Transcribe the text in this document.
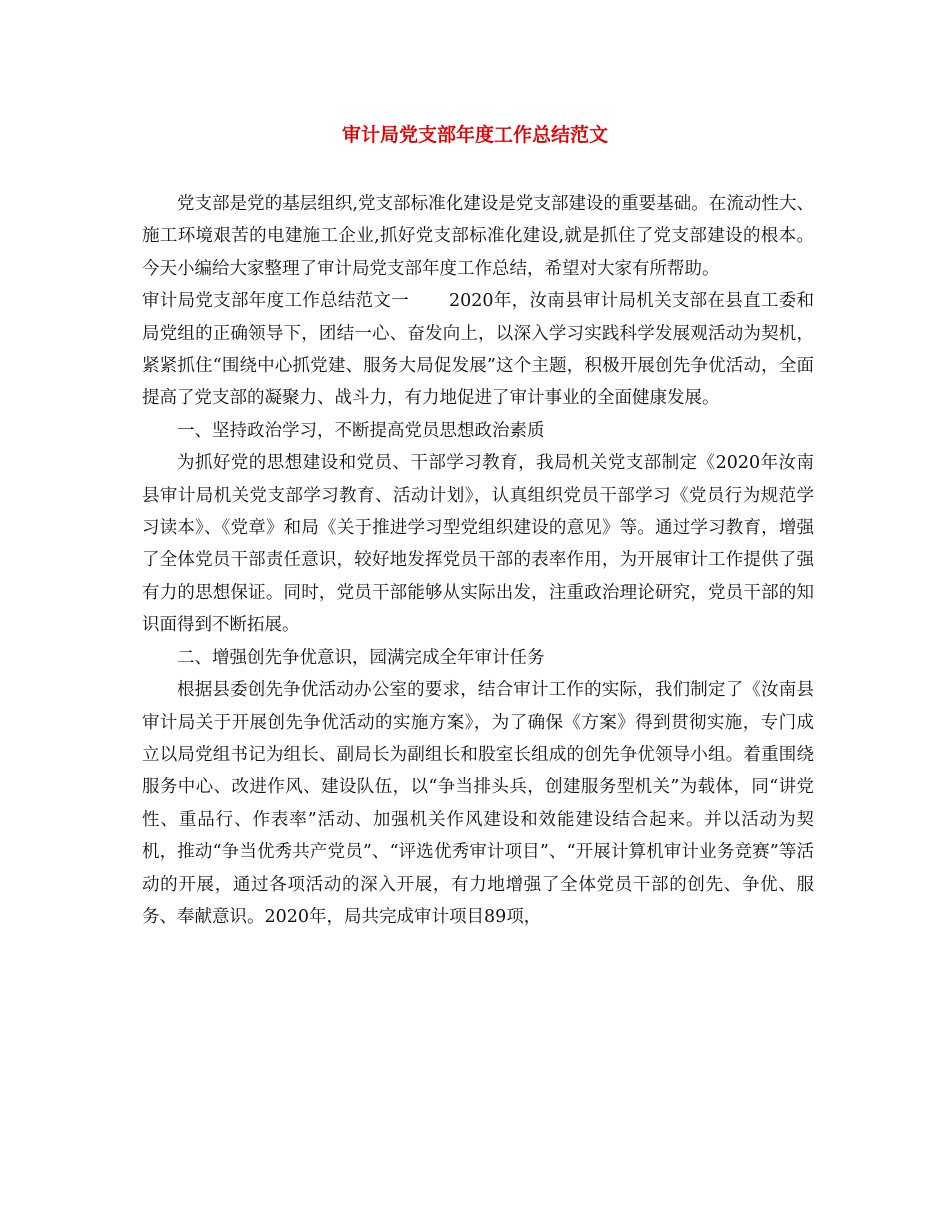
审计局党支部年度工作总结范文

党支部是党的基层组织,党支部标准化建设是党支部建设的重要基础。在流动性大、施工环境艰苦的电建施工企业,抓好党支部标准化建设,就是抓住了党支部建设的根本。今天小编给大家整理了审计局党支部年度工作总结，希望对大家有所帮助。

审计局党支部年度工作总结范文一 2020年，汝南县审计局机关支部在县直工委和局党组的正确领导下，团结一心、奋发向上，以深入学习实践科学发展观活动为契机，紧紧抓住“围绕中心抓党建、服务大局促发展”这个主题，积极开展创先争优活动，全面提高了党支部的凝聚力、战斗力，有力地促进了审计事业的全面健康发展。

一、坚持政治学习，不断提高党员思想政治素质

为抓好党的思想建设和党员、干部学习教育，我局机关党支部制定《2020年汝南县审计局机关党支部学习教育、活动计划》，认真组织党员干部学习《党员行为规范学习读本》、《党章》和局《关于推进学习型党组织建设的意见》等。通过学习教育，增强了全体党员干部责任意识，较好地发挥党员干部的表率作用，为开展审计工作提供了强有力的思想保证。同时，党员干部能够从实际出发，注重政治理论研究，党员干部的知识面得到不断拓展。

二、增强创先争优意识，园满完成全年审计任务

根据县委创先争优活动办公室的要求，结合审计工作的实际，我们制定了《汝南县审计局关于开展创先争优活动的实施方案》，为了确保《方案》得到贯彻实施，专门成立以局党组书记为组长、副局长为副组长和股室长组成的创先争优领导小组。着重围绕服务中心、改进作风、建设队伍，以“争当排头兵，创建服务型机关”为载体，同“讲党性、重品行、作表率”活动、加强机关作风建设和效能建设结合起来。并以活动为契机，推动“争当优秀共产党员”、“评选优秀审计项目”、“开展计算机审计业务竞赛”等活动的开展，通过各项活动的深入开展，有力地增强了全体党员干部的创先、争优、服务、奉献意识。2020年，局共完成审计项目89项，
